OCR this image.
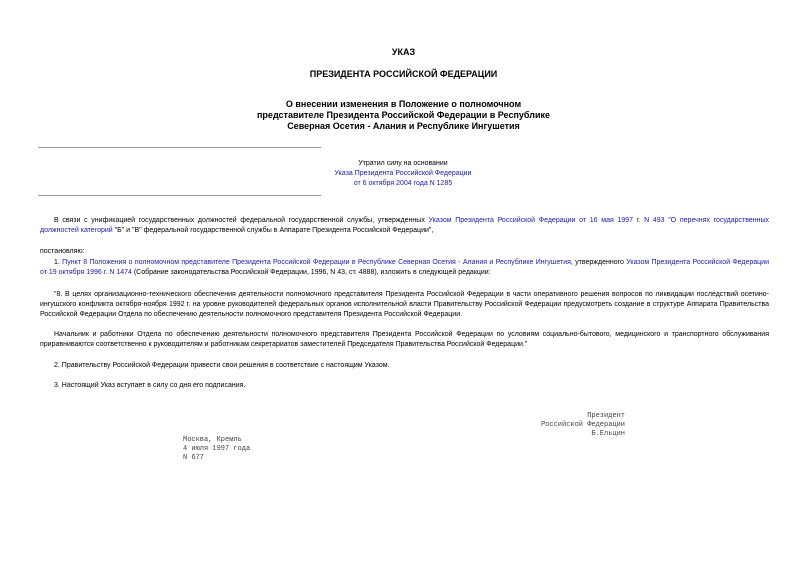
УКАЗ
ПРЕЗИДЕНТА РОССИЙСКОЙ ФЕДЕРАЦИИ
О внесении изменения в Положение о полномочном
представителе Президента Российской Федерации в Республике
Северная Осетия - Алания и Республике Ингушетия
Утратил силу на основании
Указа Президента Российской Федерации
от 6 октября 2004 года N 1285
В связи с унификацией государственных должностей федеральной государственной службы, утвержденных Указом Президента Российской Федерации от 16 мая 1997 г. N 493 "О перечнях государственных должностей категорий "Б" и "В" федеральной государственной службы в Аппарате Президента Российской Федерации",
постановляю:
1. Пункт 8 Положения о полномочном представителе Президента Российской Федерации в Республике Северная Осетия - Алания и Республике Ингушетия, утвержденного Указом Президента Российской Федерации от 19 октября 1996 г. N 1474 (Собрание законодательства Российской Федерации, 1996, N 43, ст. 4888), изложить в следующей редакции:
"8. В целях организационно-технического обеспечения деятельности полномочного представителя Президента Российской Федерации в части оперативного решения вопросов по ликвидации последствий осетино-ингушского конфликта октября-ноября 1992 г. на уровне руководителей федеральных органов исполнительной власти Правительству Российской Федерации предусмотреть создание в структуре Аппарата Правительства Российской Федерации Отдела по обеспечению деятельности полномочного представителя Президента Российской Федерации.
Начальник и работники Отдела по обеспечению деятельности полномочного представителя Президента Российской Федерации по условиям социально-бытового, медицинского и транспортного обслуживания приравниваются соответственно к руководителям и работникам секретариатов заместителей Председателя Правительства Российской Федерации."
2. Правительству Российской Федерации привести свои решения в соответствие с настоящим Указом.
3. Настоящий Указ вступает в силу со дня его подписания.
Президент
Российской Федерации
Б.Ельцин
Москва, Кремль
4 июля 1997 года
N 677
